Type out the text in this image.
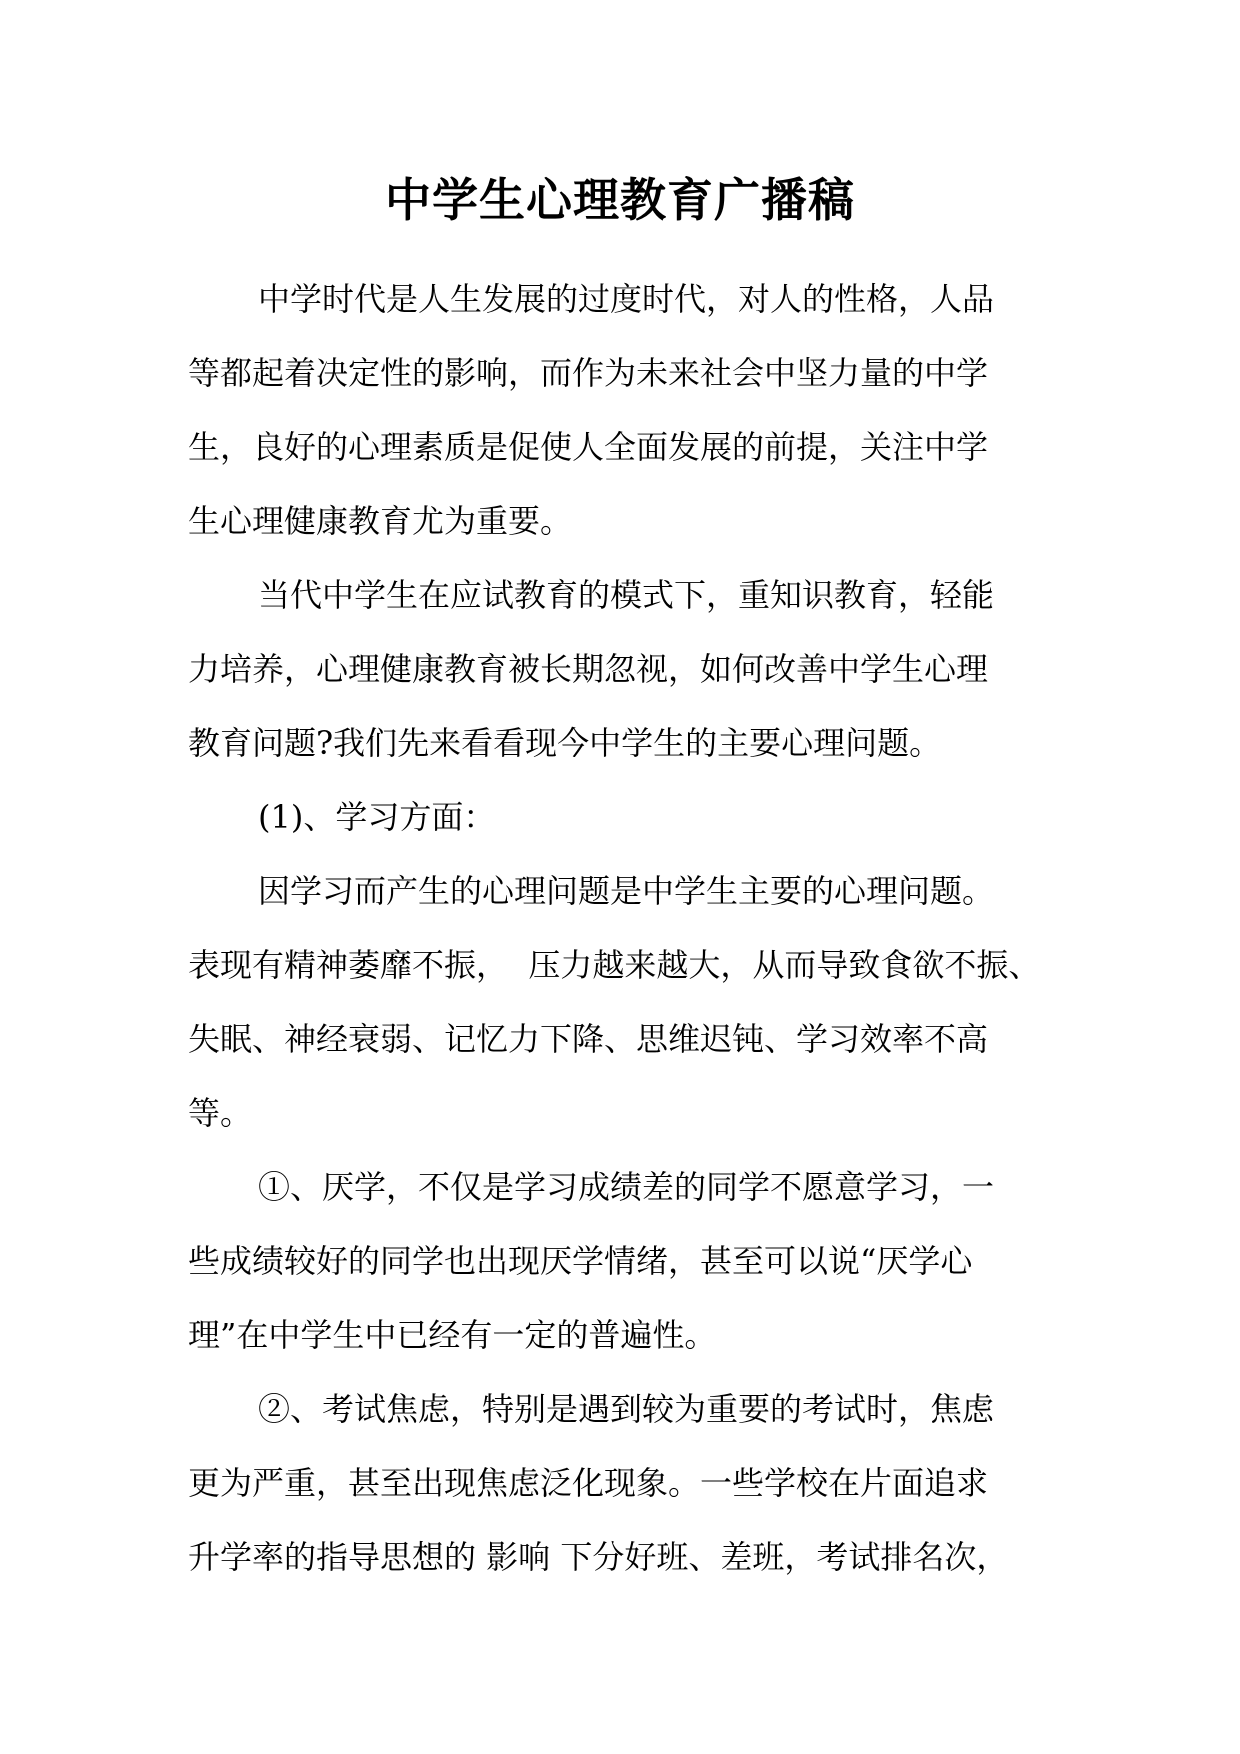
中学生心理教育广播稿
中学时代是人生发展的过度时代，对人的性格，人品
等都起着决定性的影响，而作为未来社会中坚力量的中学
生，良好的心理素质是促使人全面发展的前提，关注中学
生心理健康教育尤为重要。
当代中学生在应试教育的模式下，重知识教育，轻能
力培养，心理健康教育被长期忽视，如何改善中学生心理
教育问题?我们先来看看现今中学生的主要心理问题。
(1)、学习方面：
因学习而产生的心理问题是中学生主要的心理问题。
表现有精神萎靡不振，  压力越来越大，从而导致食欲不振、
失眠、神经衰弱、记忆力下降、思维迟钝、学习效率不高
等。
①、厌学，不仅是学习成绩差的同学不愿意学习，一
些成绩较好的同学也出现厌学情绪，甚至可以说“厌学心
理”在中学生中已经有一定的普遍性。
②、考试焦虑，特别是遇到较为重要的考试时，焦虑
更为严重，甚至出现焦虑泛化现象。一些学校在片面追求
升学率的指导思想的 影响 下分好班、差班，考试排名次，
